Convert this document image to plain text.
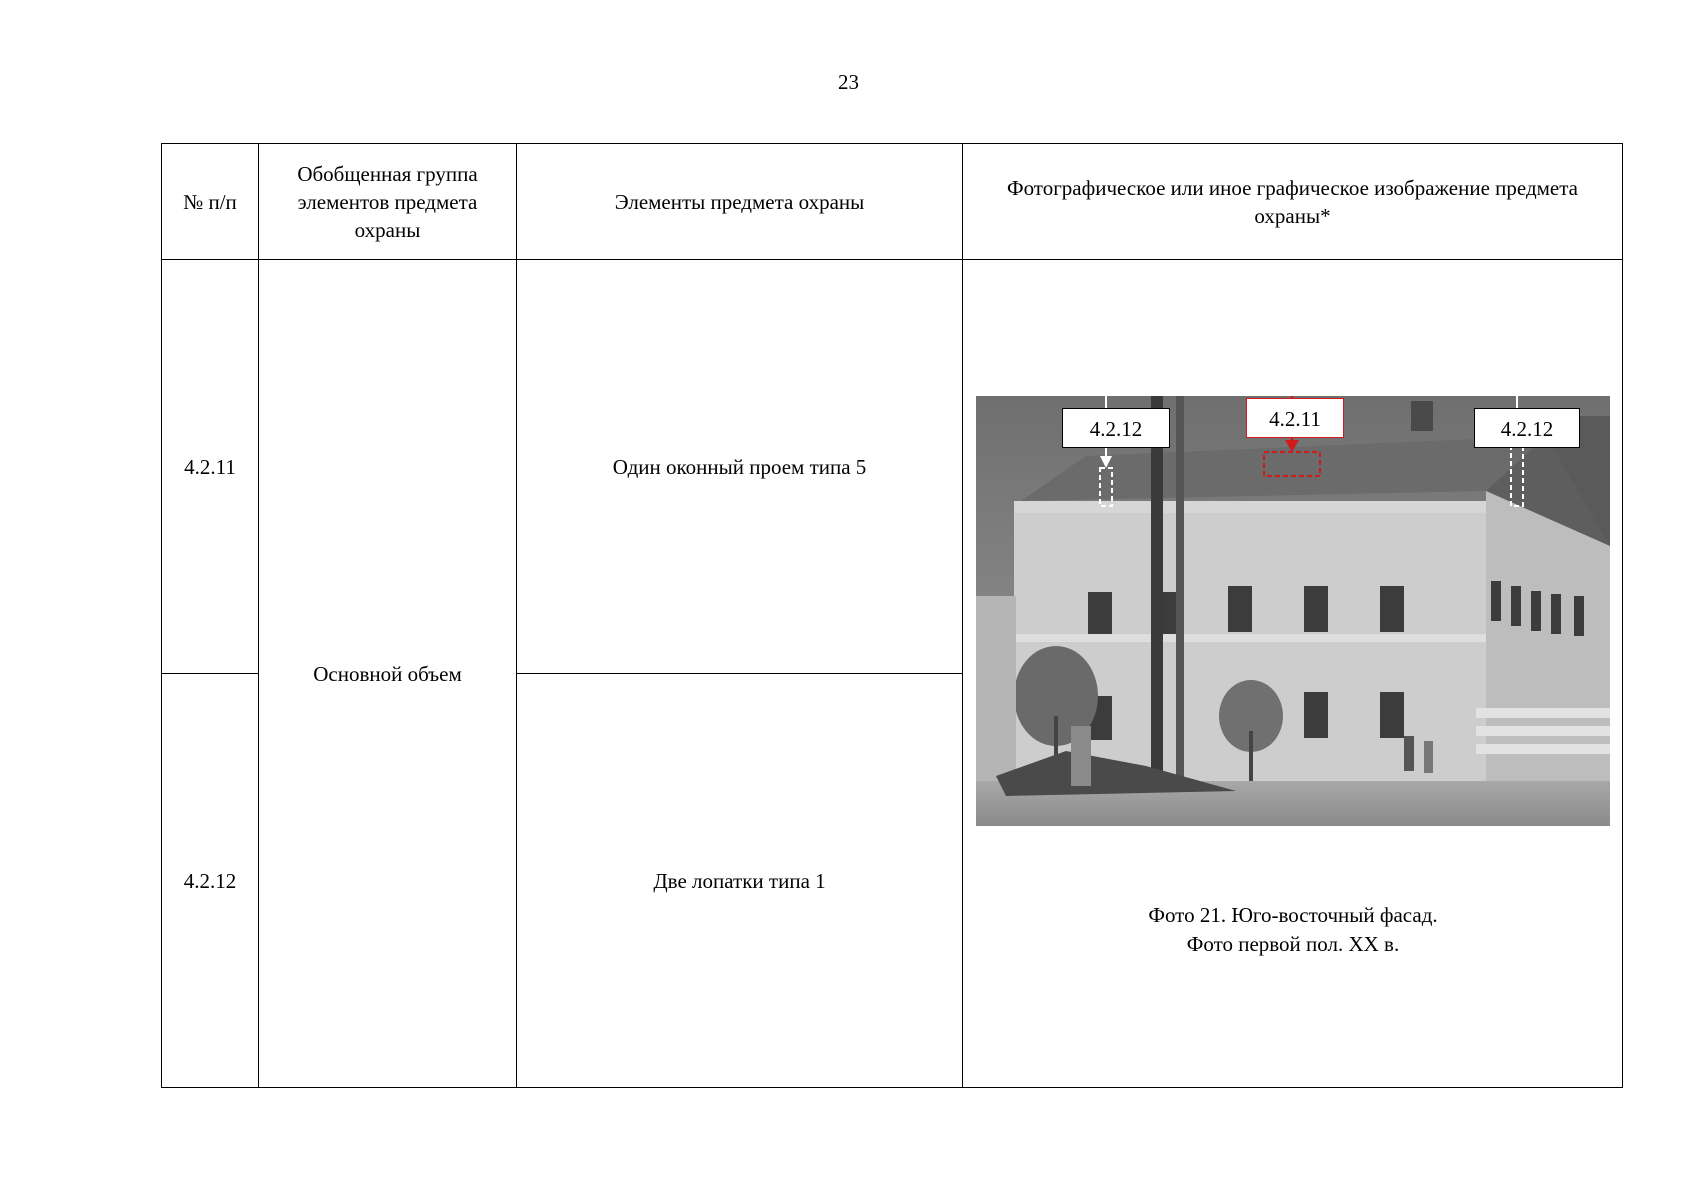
23
№ п/п	Обобщенная группа элементов предмета охраны	Элементы предмета охраны	Фотографическое или иное графическое изображение предмета охраны*
4.2.11	Основной объем	Один оконный проем типа 5	4.2.12 4.2.11 4.2.12
Фото 21. Юго-восточный фасад.
Фото первой пол. XX в.

4.2.12		Две лопатки типа 1	
